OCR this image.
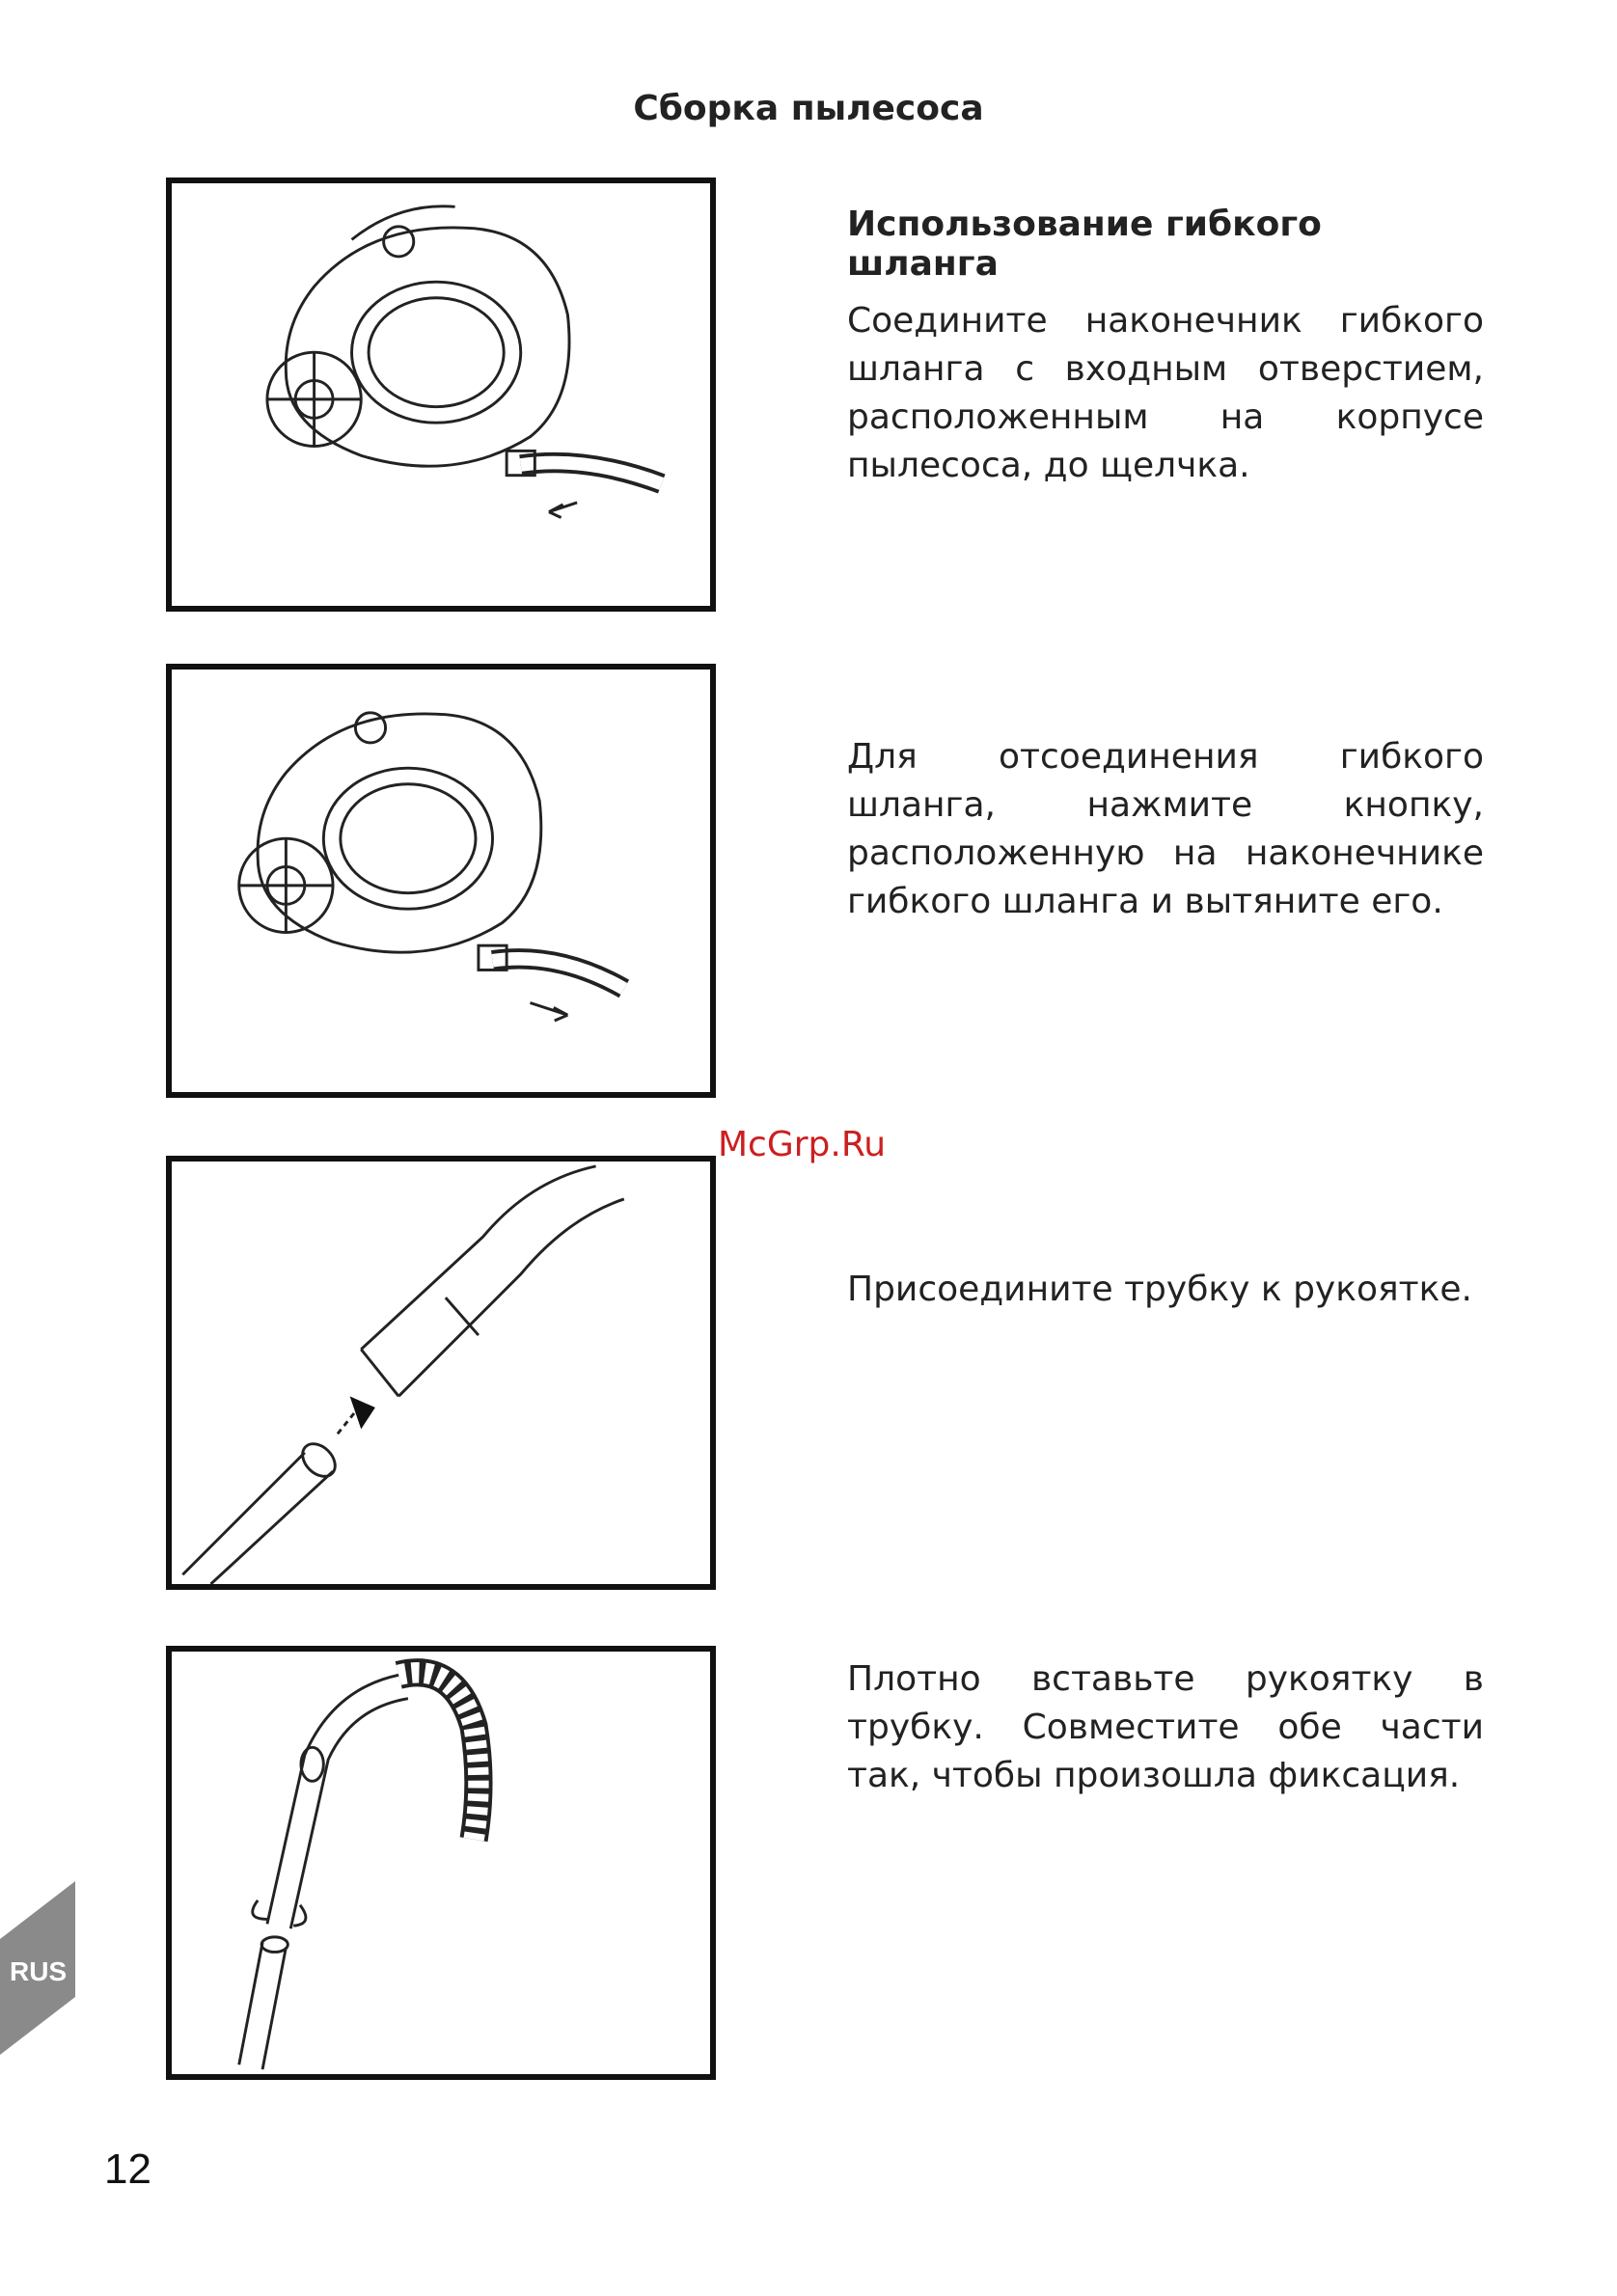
Сборка пылесоса
Использование гибкого шланга

Соедините наконечник гибкого шланга с входным отверстием, расположенным на корпусе пылесоса, до щелчка.

Для отсоединения гибкого шланга, нажмите кнопку, расположенную на наконечнике гибкого шланга и вытяните его.

Присоедините трубку к рукоятке.

Плотно вставьте рукоятку в трубку. Совместите обе части так, чтобы произошла фиксация.

McGrp.Ru
RUS
12
